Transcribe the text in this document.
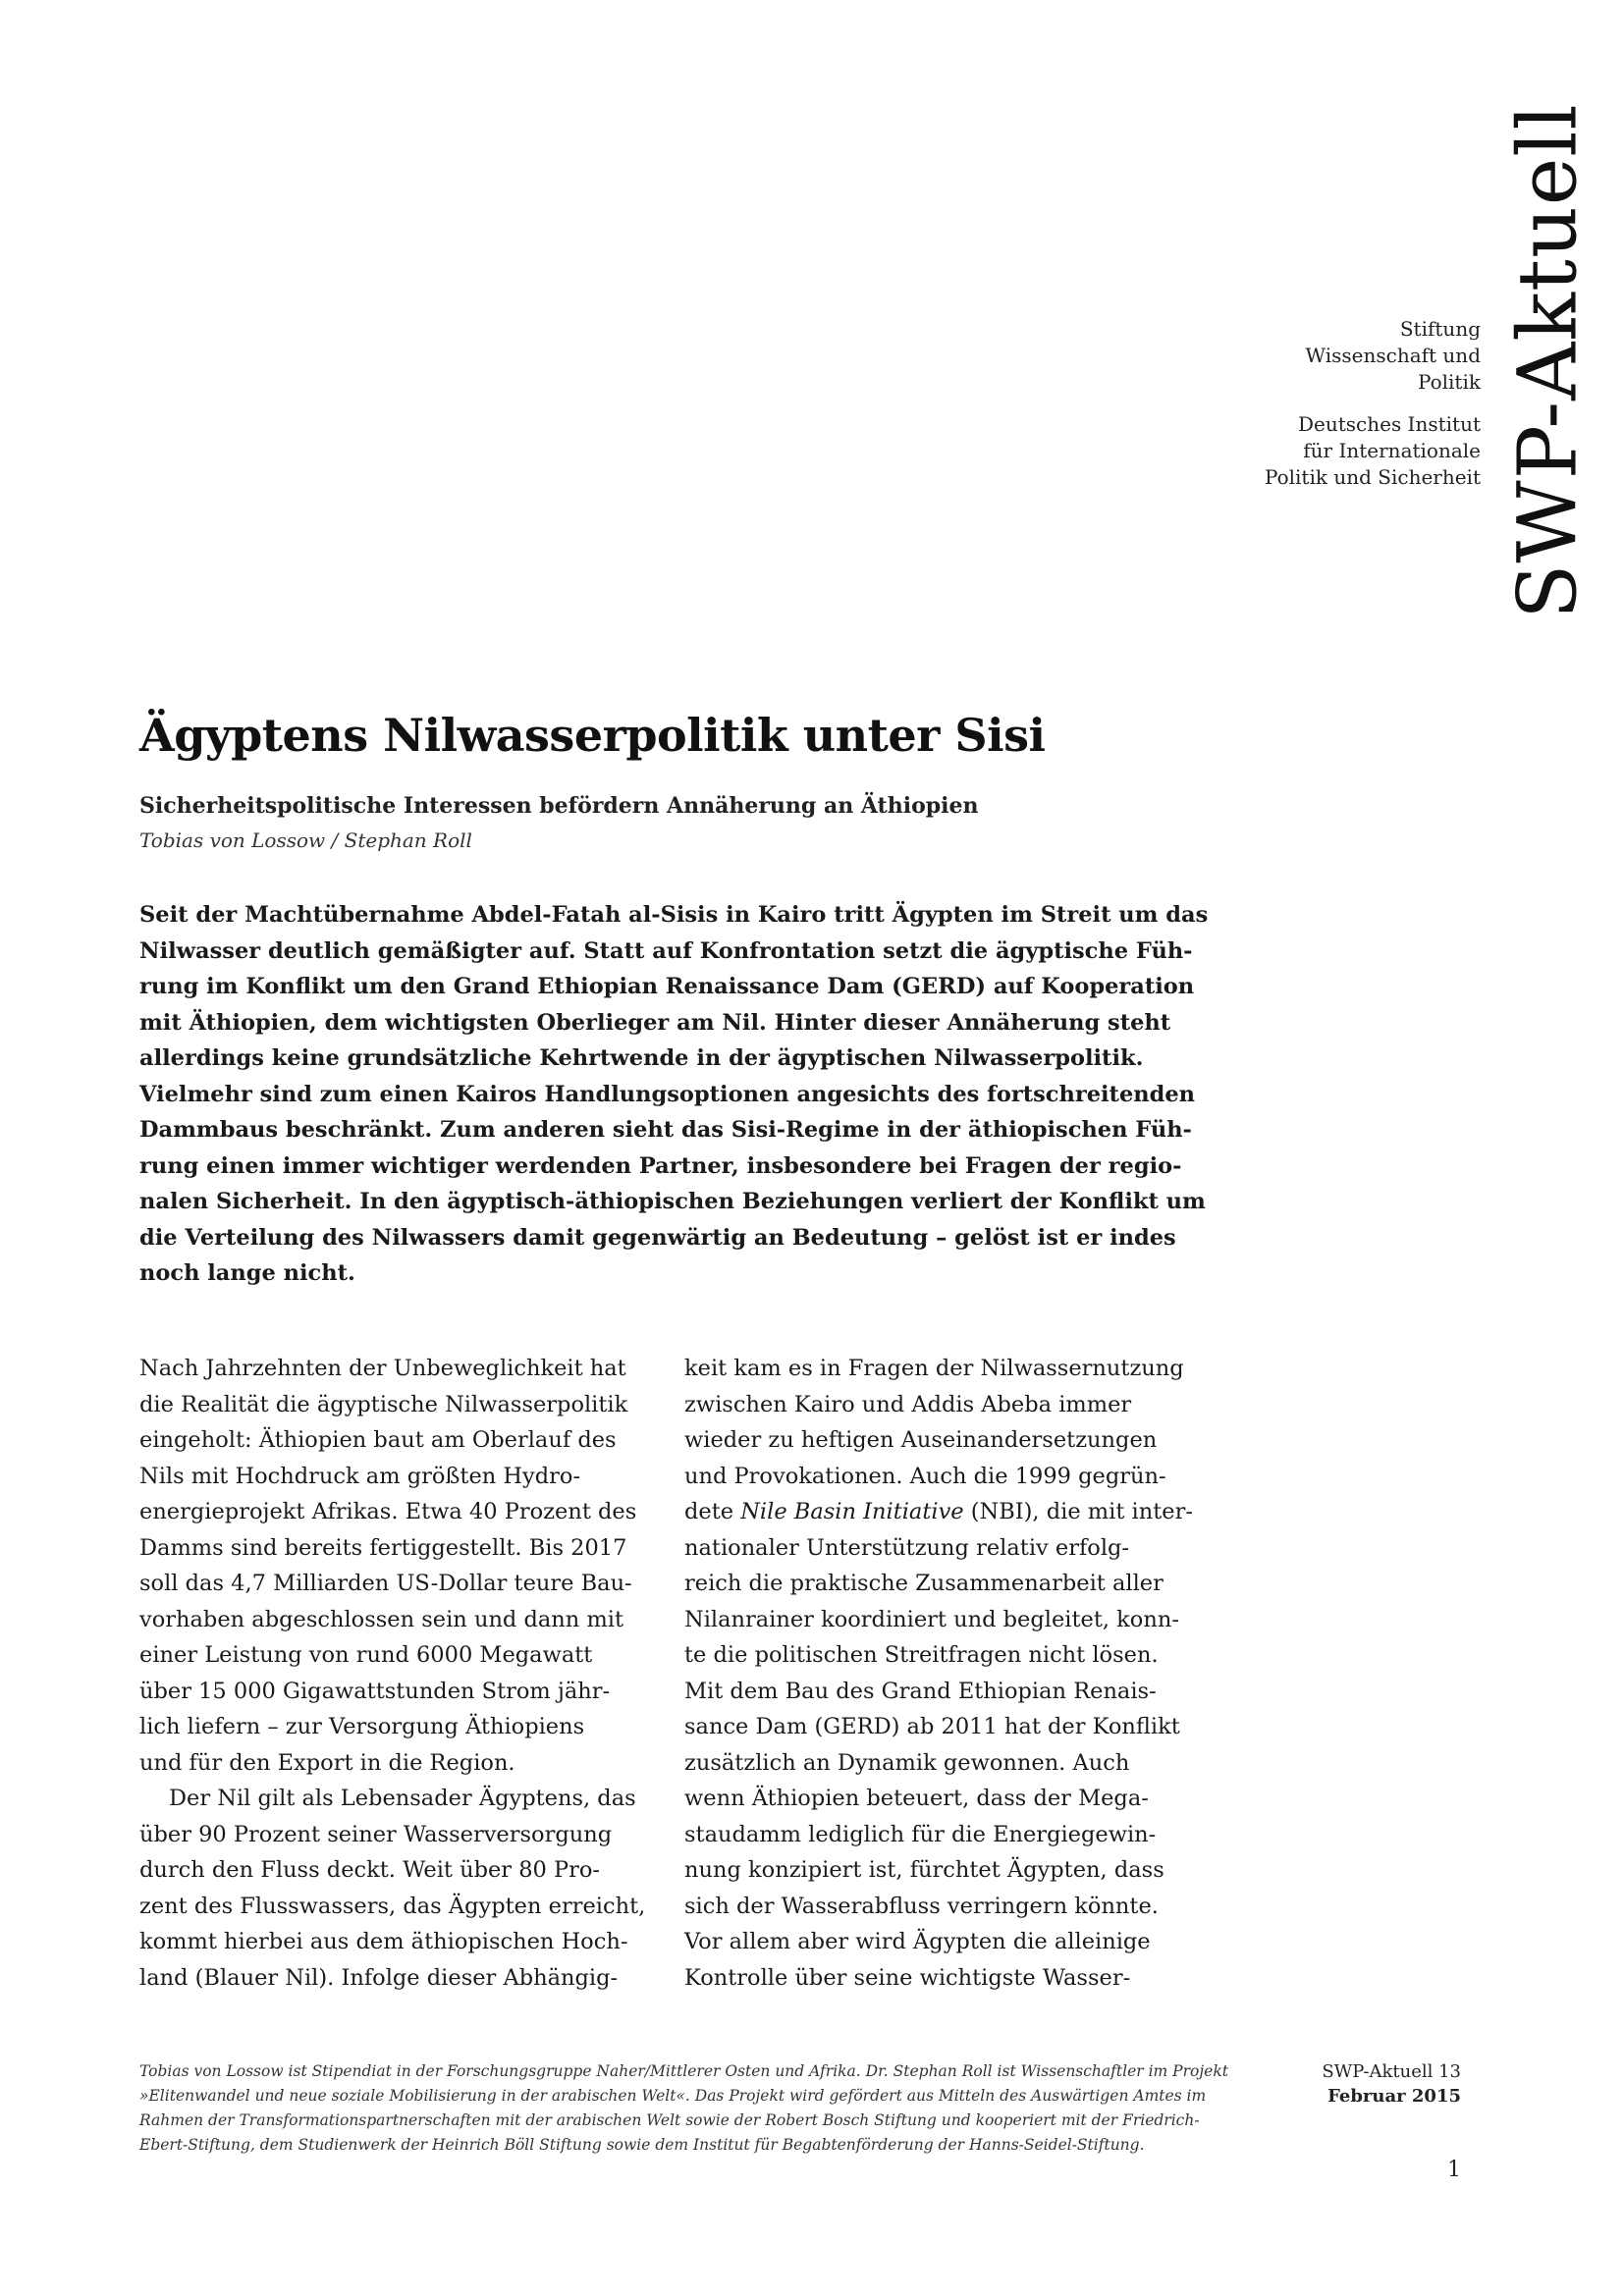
SWP-Aktuell

Stiftung

Wissenschaft und

Politik

Deutsches Institut

für Internationale

Politik und Sicherheit

Ägyptens Nilwasserpolitik unter Sisi
Sicherheitspolitische Interessen befördern Annäherung an Äthiopien

Tobias von Lossow / Stephan Roll

Seit der Machtübernahme Abdel-Fatah al-Sisis in Kairo tritt Ägypten im Streit um das
Nilwasser deutlich gemäßigter auf. Statt auf Konfrontation setzt die ägyptische Füh-
rung im Konflikt um den Grand Ethiopian Renaissance Dam (GERD) auf Kooperation
mit Äthiopien, dem wichtigsten Oberlieger am Nil. Hinter dieser Annäherung steht
allerdings keine grundsätzliche Kehrtwende in der ägyptischen Nilwasserpolitik.
Vielmehr sind zum einen Kairos Handlungsoptionen angesichts des fortschreitenden
Dammbaus beschränkt. Zum anderen sieht das Sisi-Regime in der äthiopischen Füh-
rung einen immer wichtiger werdenden Partner, insbesondere bei Fragen der regio-
nalen Sicherheit. In den ägyptisch-äthiopischen Beziehungen verliert der Konflikt um
die Verteilung des Nilwassers damit gegenwärtig an Bedeutung – gelöst ist er indes
noch lange nicht.
Nach Jahrzehnten der Unbeweglichkeit hat
die Realität die ägyptische Nilwasserpolitik
eingeholt: Äthiopien baut am Oberlauf des
Nils mit Hochdruck am größten Hydro-
energieprojekt Afrikas. Etwa 40 Prozent des
Damms sind bereits fertiggestellt. Bis 2017
soll das 4,7 Milliarden US-Dollar teure Bau-
vorhaben abgeschlossen sein und dann mit
einer Leistung von rund 6000 Megawatt
über 15 000 Gigawattstunden Strom jähr-
lich liefern – zur Versorgung Äthiopiens
und für den Export in die Region.
Der Nil gilt als Lebensader Ägyptens, das
über 90 Prozent seiner Wasserversorgung
durch den Fluss deckt. Weit über 80 Pro-
zent des Flusswassers, das Ägypten erreicht,
kommt hierbei aus dem äthiopischen Hoch-
land (Blauer Nil). Infolge dieser Abhängig-
keit kam es in Fragen der Nilwassernutzung
zwischen Kairo und Addis Abeba immer
wieder zu heftigen Auseinandersetzungen
und Provokationen. Auch die 1999 gegrün-
dete Nile Basin Initiative (NBI), die mit inter-
nationaler Unterstützung relativ erfolg-
reich die praktische Zusammenarbeit aller
Nilanrainer koordiniert und begleitet, konn-
te die politischen Streitfragen nicht lösen.
Mit dem Bau des Grand Ethiopian Renais-
sance Dam (GERD) ab 2011 hat der Konflikt
zusätzlich an Dynamik gewonnen. Auch
wenn Äthiopien beteuert, dass der Mega-
staudamm lediglich für die Energiegewin-
nung konzipiert ist, fürchtet Ägypten, dass
sich der Wasserabfluss verringern könnte.
Vor allem aber wird Ägypten die alleinige
Kontrolle über seine wichtigste Wasser-
Tobias von Lossow ist Stipendiat in der Forschungsgruppe Naher/Mittlerer Osten und Afrika. Dr. Stephan Roll ist Wissenschaftler im Projekt
»Elitenwandel und neue soziale Mobilisierung in der arabischen Welt«. Das Projekt wird gefördert aus Mitteln des Auswärtigen Amtes im
Rahmen der Transformationspartnerschaften mit der arabischen Welt sowie der Robert Bosch Stiftung und kooperiert mit der Friedrich-
Ebert-Stiftung, dem Studienwerk der Heinrich Böll Stiftung sowie dem Institut für Begabtenförderung der Hanns-Seidel-Stiftung.
SWP-Aktuell 13
Februar 2015
1
